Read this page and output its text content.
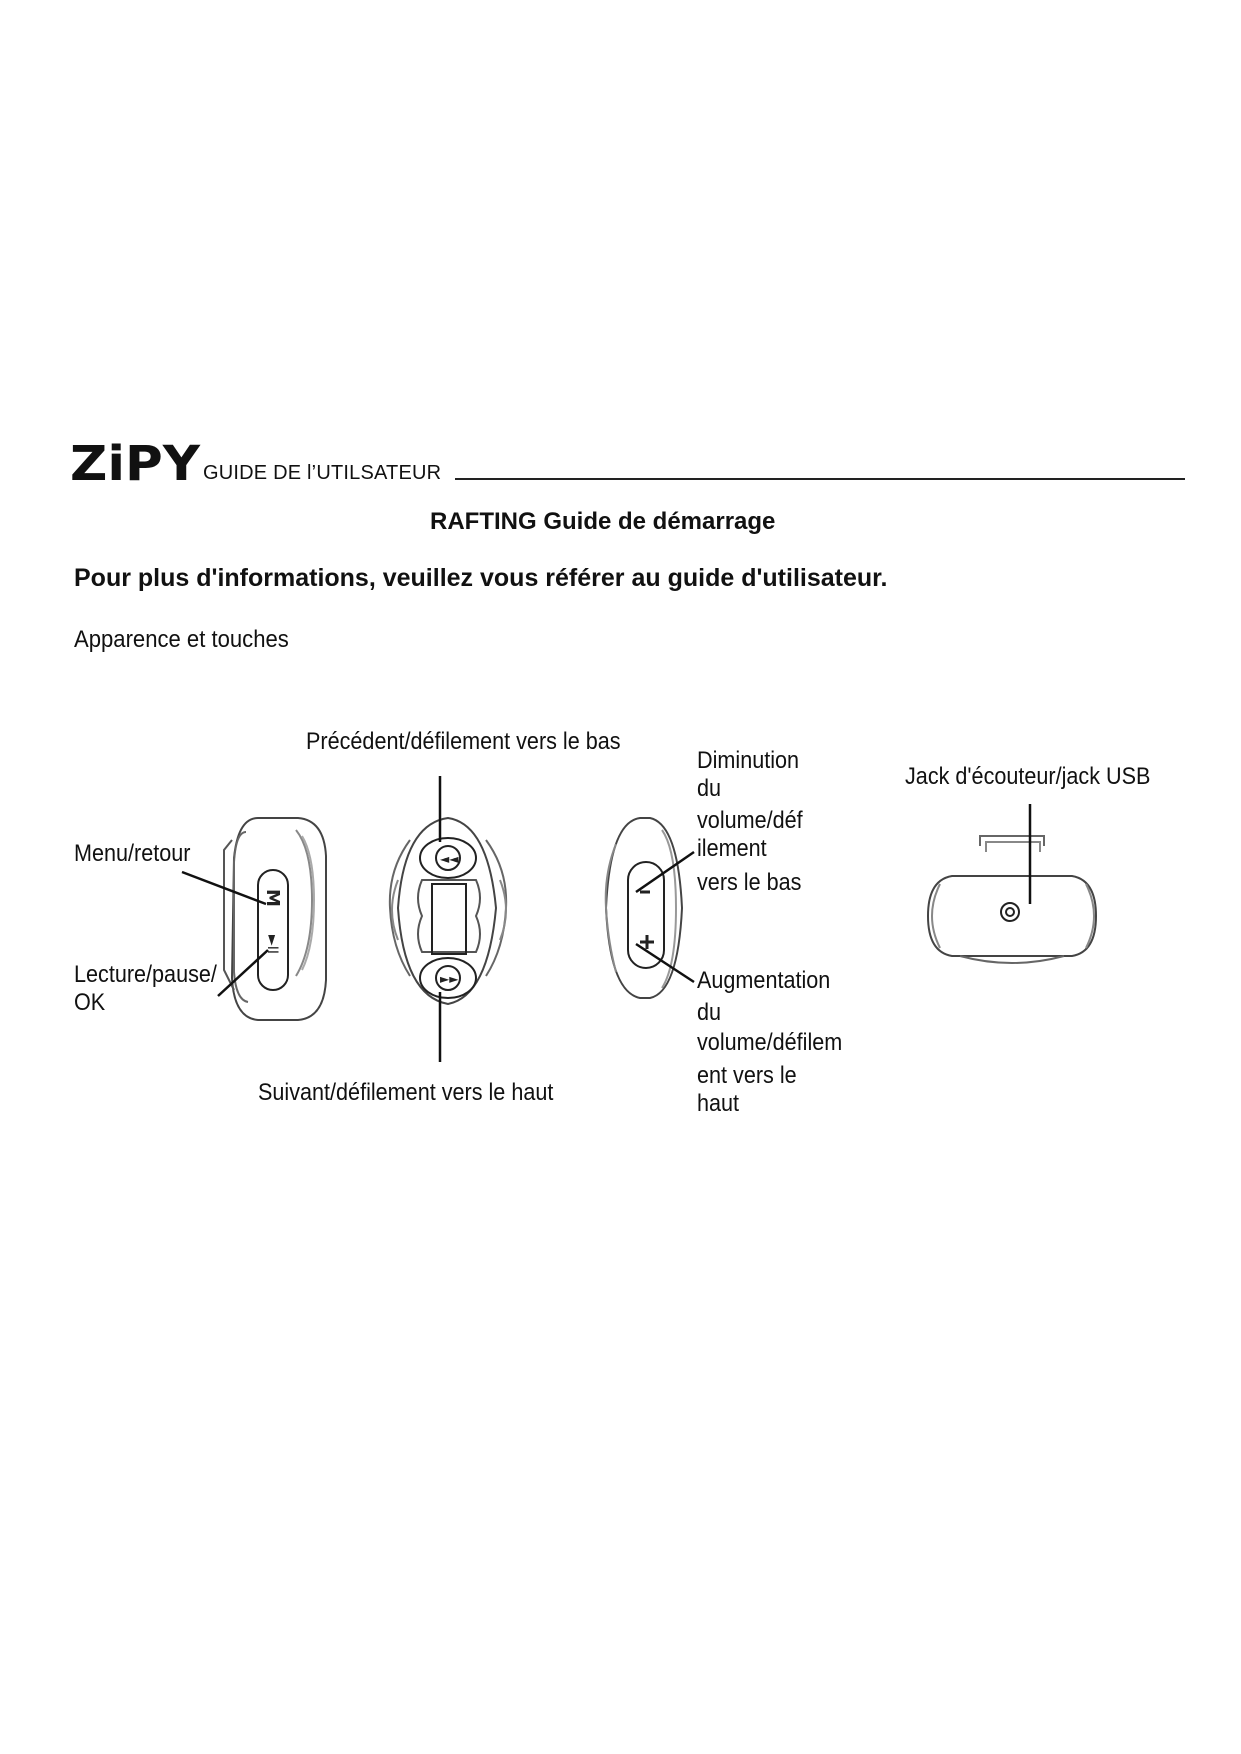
ZiPY GUIDE DE l’UTILSATEUR
RAFTING Guide de démarrage
Pour plus d'informations, veuillez vous référer au guide d'utilisateur.
Apparence et touches
Précédent/défilement vers le bas
Menu/retour
Lecture/pause/
OK
Suivant/défilement vers le haut
Diminution
du
volume/déf
ilement
vers le bas
Augmentation
du
volume/défilem
ent vers le
haut
Jack d'écouteur/jack USB
M
►II
◄◄
►►
